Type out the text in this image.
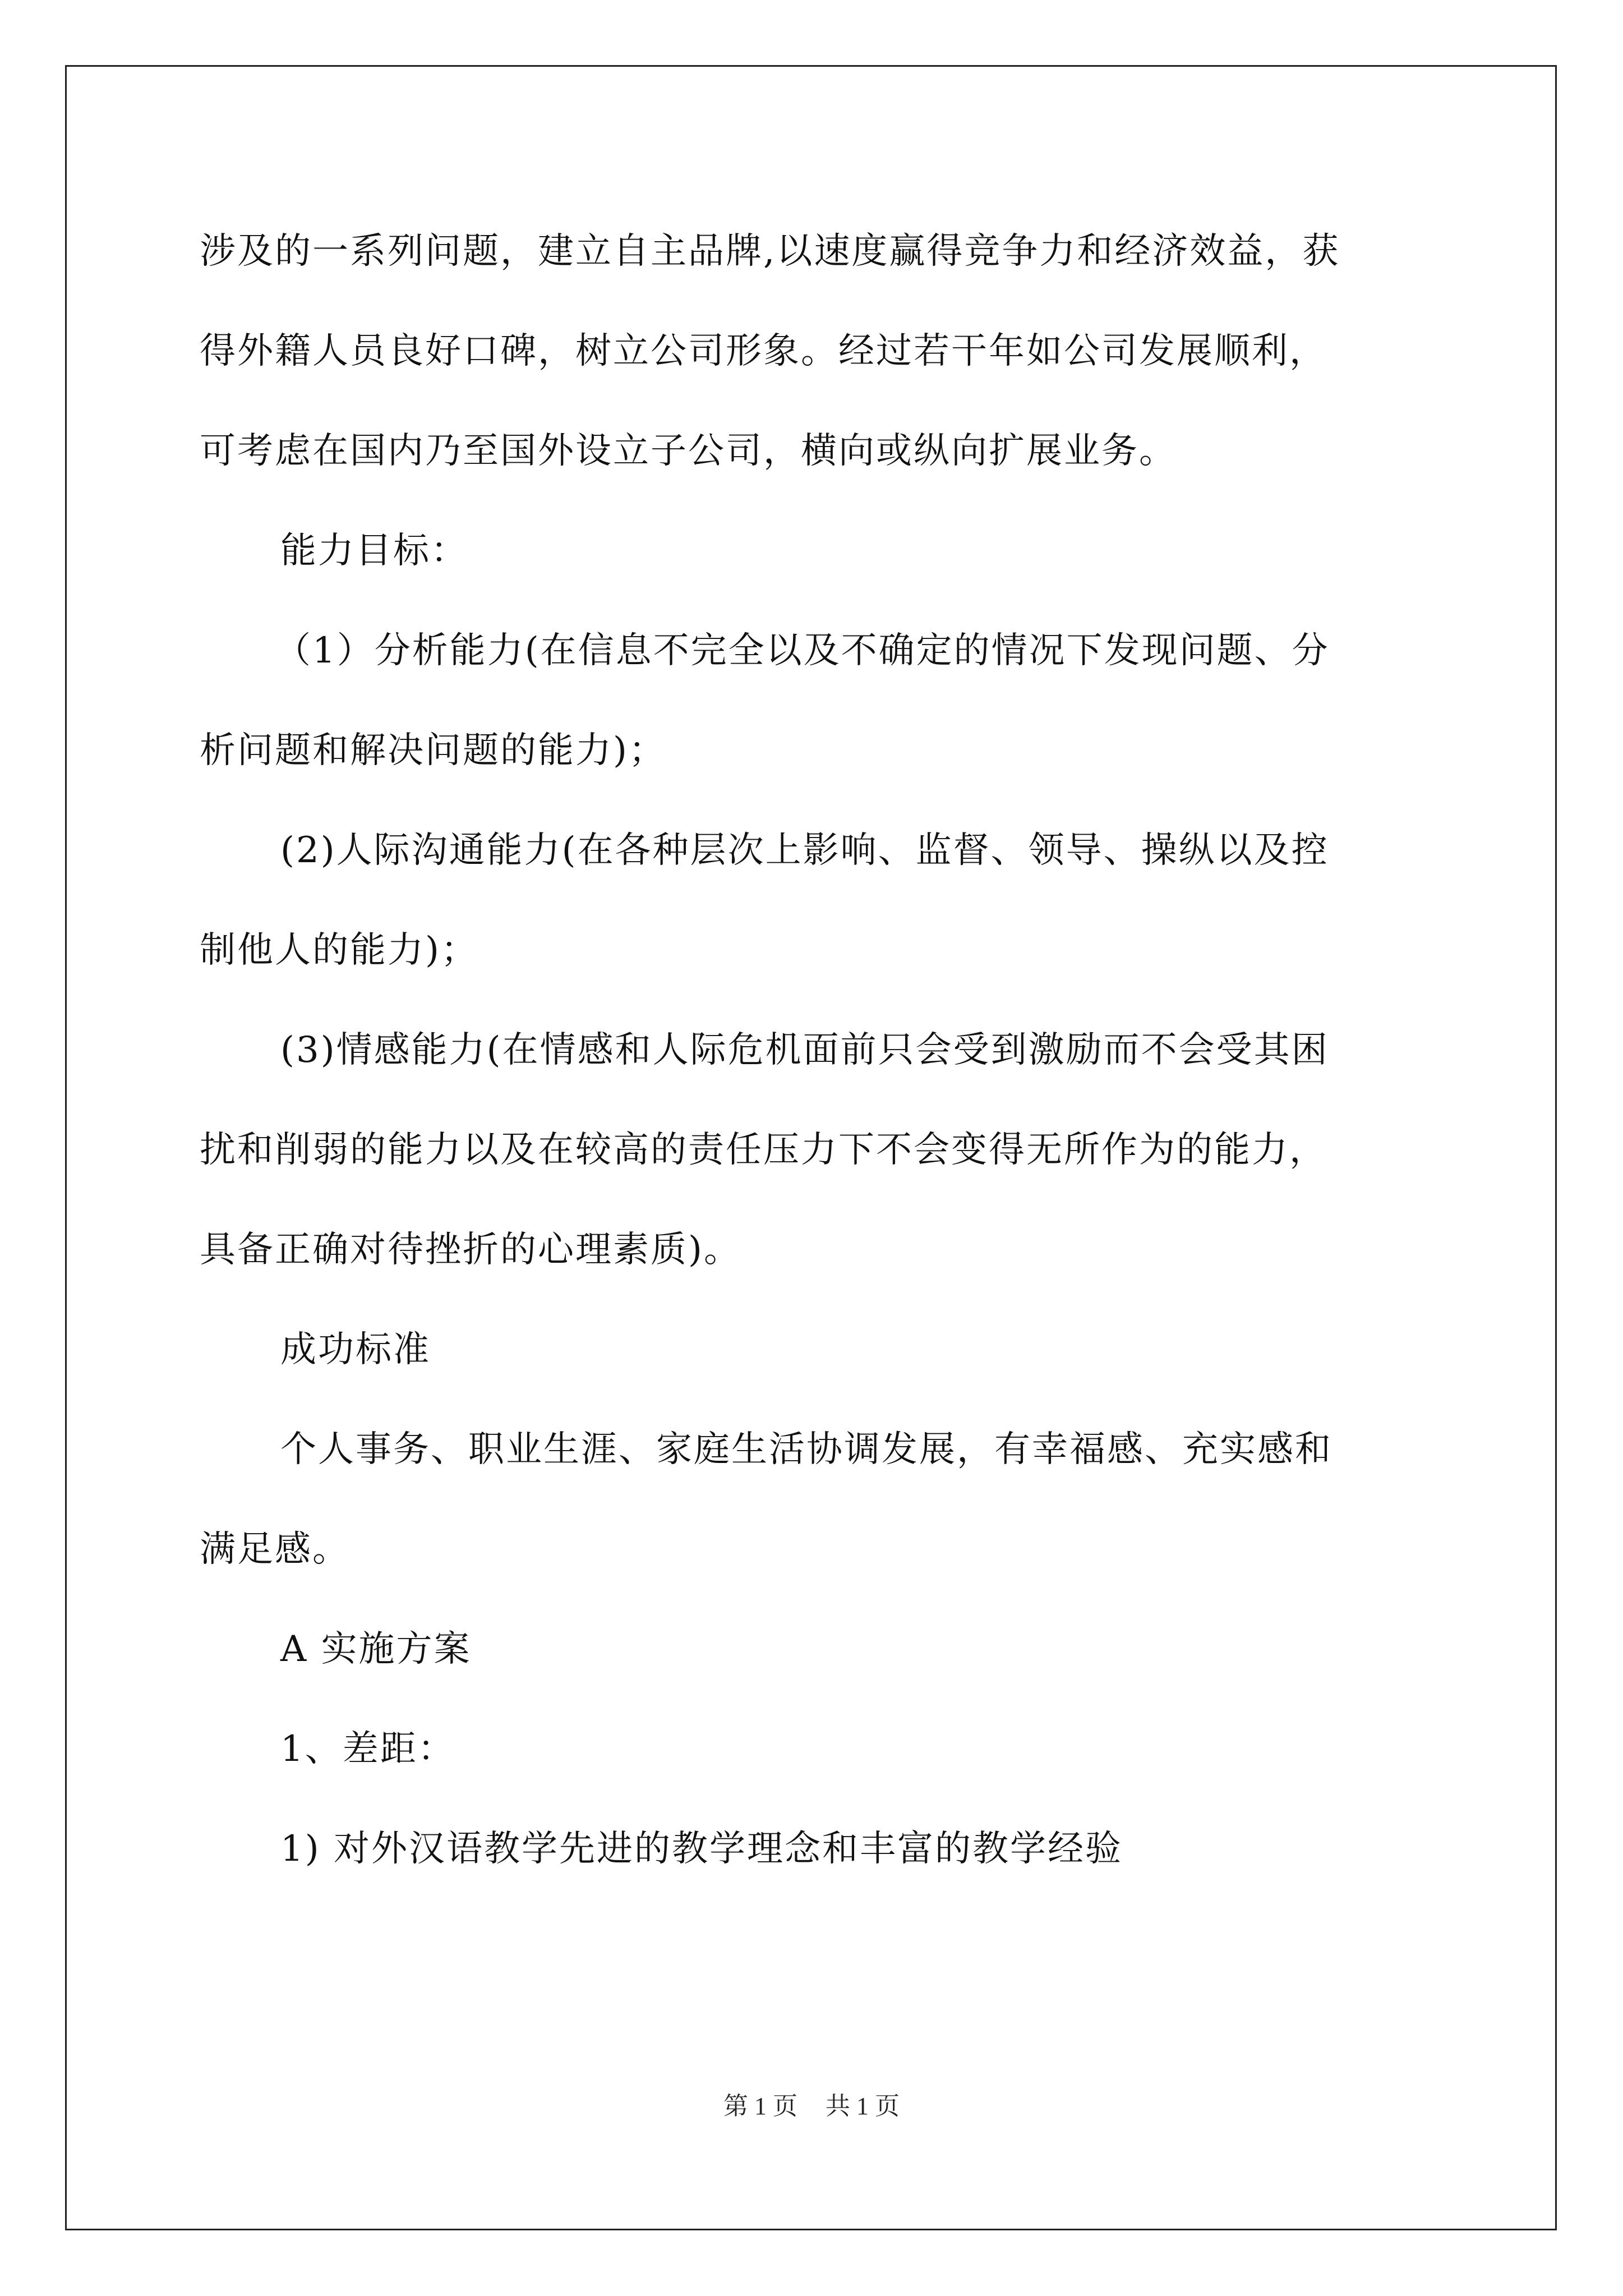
涉及的一系列问题，建立自主品牌,以速度赢得竞争力和经济效益，获
得外籍人员良好口碑，树立公司形象。经过若干年如公司发展顺利，
可考虑在国内乃至国外设立子公司，横向或纵向扩展业务。
能力目标：
（1）分析能力(在信息不完全以及不确定的情况下发现问题、分
析问题和解决问题的能力)；
(2)人际沟通能力(在各种层次上影响、监督、领导、操纵以及控
制他人的能力)；
(3)情感能力(在情感和人际危机面前只会受到激励而不会受其困
扰和削弱的能力以及在较高的责任压力下不会变得无所作为的能力，
具备正确对待挫折的心理素质)。
成功标准
个人事务、职业生涯、家庭生活协调发展，有幸福感、充实感和
满足感。
A 实施方案
1、差距：
第 1 页 共 1 页
1) 对外汉语教学先进的教学理念和丰富的教学经验
